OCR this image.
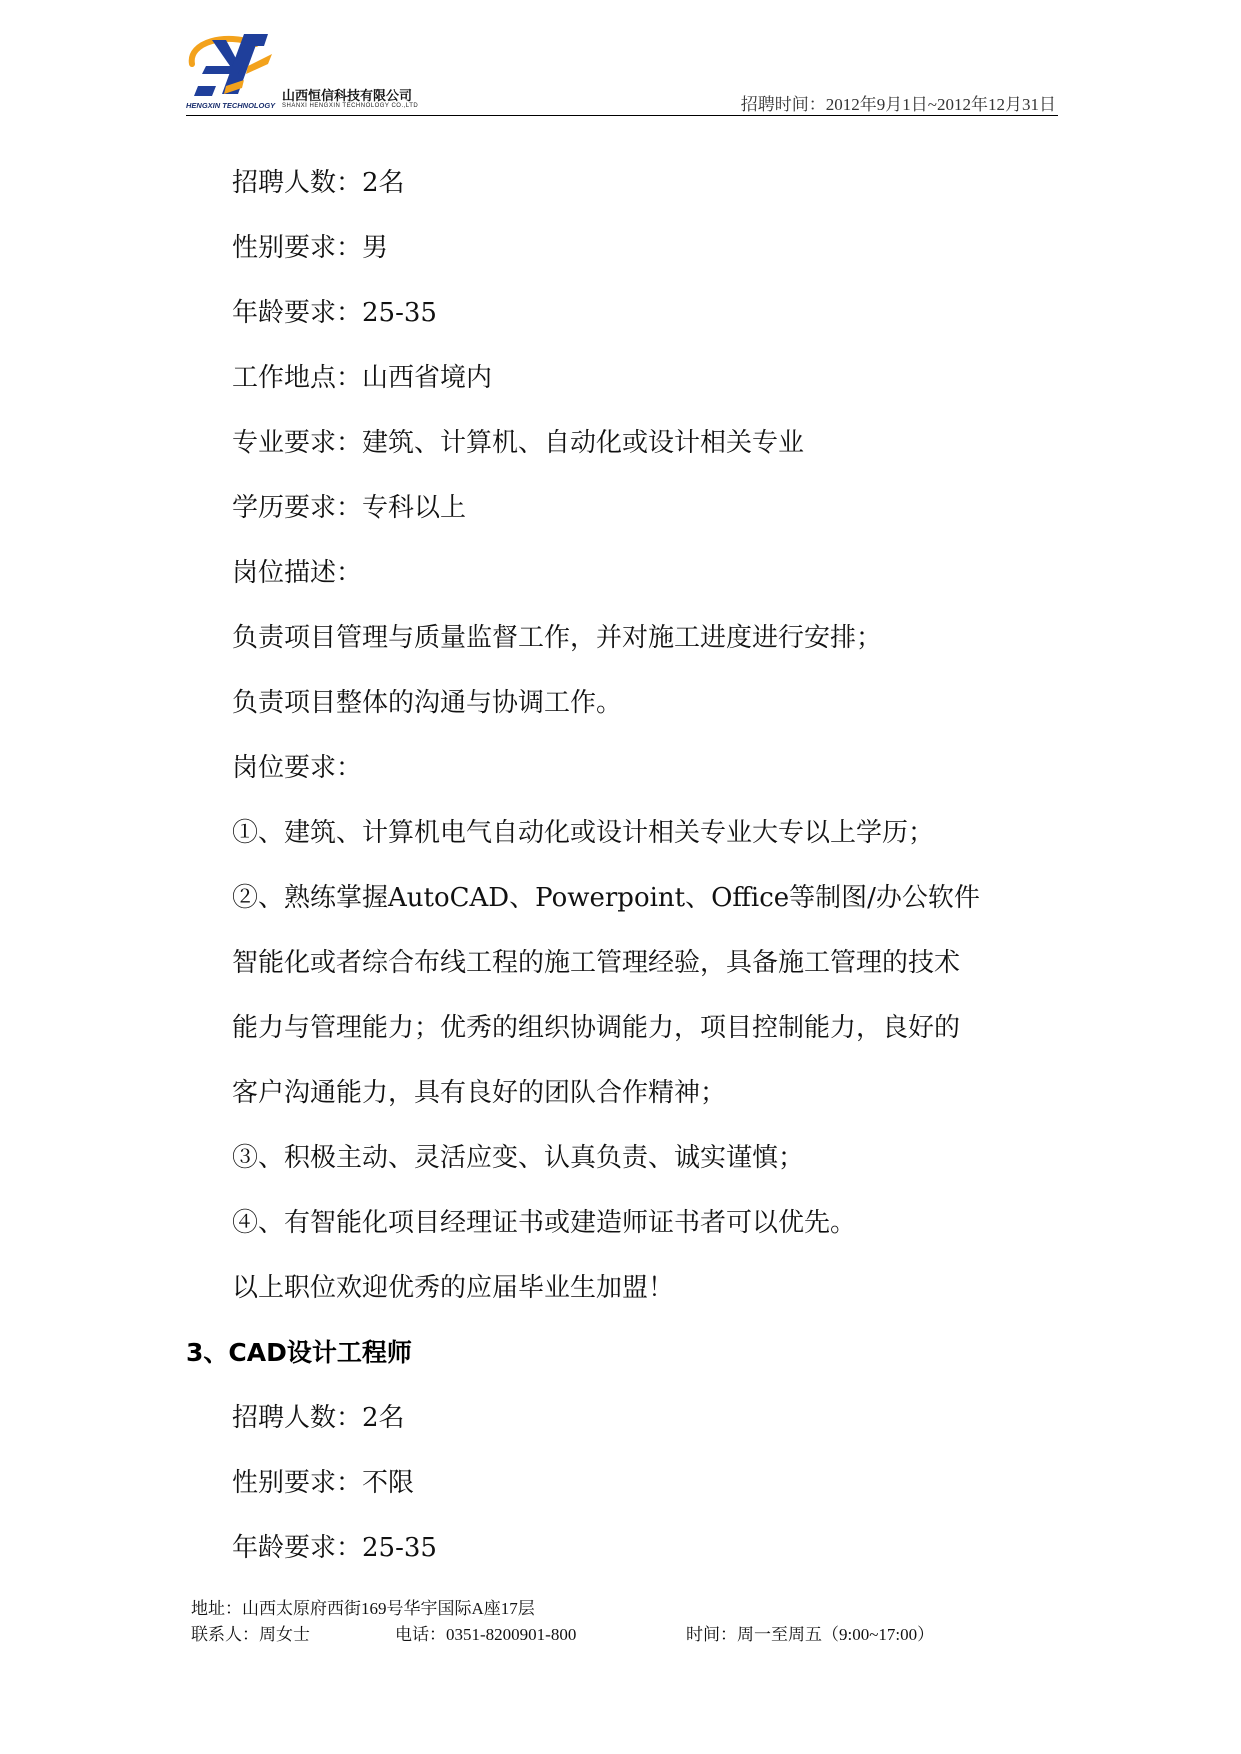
HENGXIN TECHNOLOGY
山西恒信科技有限公司
SHANXI HENGXIN TECHNOLOGY CO.,LTD	招聘时间：2012年9月1日~2012年12月31日
招聘人数：2名
性别要求：男
年龄要求：25-35
工作地点：山西省境内
专业要求：建筑、计算机、自动化或设计相关专业
学历要求：专科以上
岗位描述：
负责项目管理与质量监督工作，并对施工进度进行安排；
负责项目整体的沟通与协调工作。
岗位要求：
①、建筑、计算机电气自动化或设计相关专业大专以上学历；
②、熟练掌握AutoCAD、Powerpoint、Office等制图/办公软件
智能化或者综合布线工程的施工管理经验，具备施工管理的技术
能力与管理能力；优秀的组织协调能力，项目控制能力，良好的
客户沟通能力，具有良好的团队合作精神；
③、积极主动、灵活应变、认真负责、诚实谨慎；
④、有智能化项目经理证书或建造师证书者可以优先。
以上职位欢迎优秀的应届毕业生加盟！
3、CAD设计工程师
招聘人数：2名
性别要求：不限
年龄要求：25-35
地址：山西太原府西街169号华宇国际A座17层
联系人：周女士	电话：0351-8200901-800	时间：周一至周五（9:00~17:00）
